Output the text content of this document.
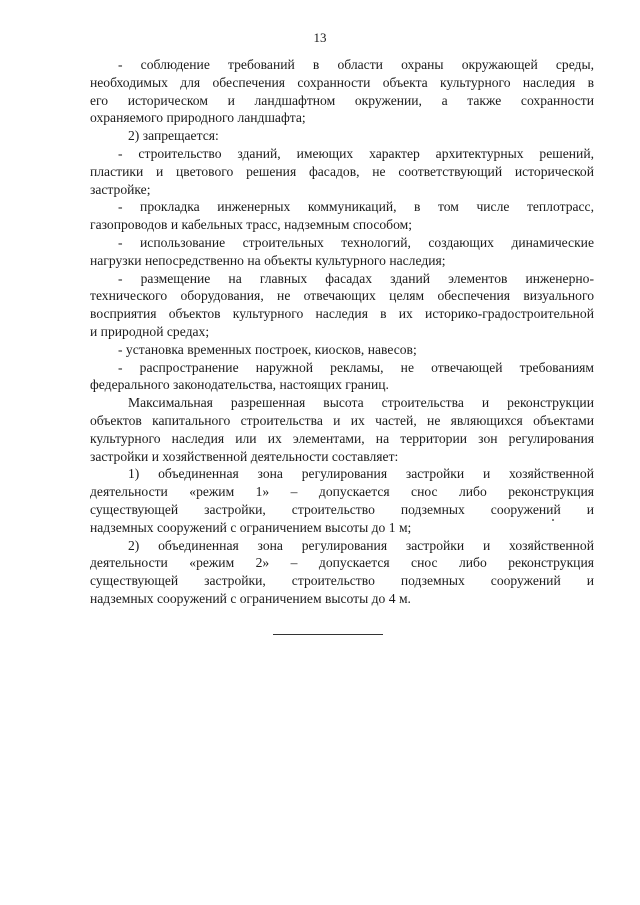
13
- соблюдение требований в области охраны окружающей среды,
необходимых для обеспечения сохранности объекта культурного наследия в
его историческом и ландшафтном окружении, а также сохранности
охраняемого природного ландшафта;
2) запрещается:
- строительство зданий, имеющих характер архитектурных решений,
пластики и цветового решения фасадов, не соответствующий исторической
застройке;
- прокладка инженерных коммуникаций, в том числе теплотрасс,
газопроводов и кабельных трасс, надземным способом;
- использование строительных технологий, создающих динамические
нагрузки непосредственно на объекты культурного наследия;
- размещение на главных фасадах зданий элементов инженерно-
технического оборудования, не отвечающих целям обеспечения визуального
восприятия объектов культурного наследия в их историко-градостроительной
и природной средах;
- установка временных построек, киосков, навесов;
- распространение наружной рекламы, не отвечающей требованиям
федерального законодательства, настоящих границ.
Максимальная разрешенная высота строительства и реконструкции
объектов капитального строительства и их частей, не являющихся объектами
культурного наследия или их элементами, на территории зон регулирования
застройки и хозяйственной деятельности составляет:
1) объединенная зона регулирования застройки и хозяйственной
деятельности «режим 1» – допускается снос либо реконструкция
существующей застройки, строительство подземных сооружений и
надземных сооружений с ограничением высоты до 1 м;
2) объединенная зона регулирования застройки и хозяйственной
деятельности «режим 2» – допускается снос либо реконструкция
существующей застройки, строительство подземных сооружений и
надземных сооружений с ограничением высоты до 4 м.
